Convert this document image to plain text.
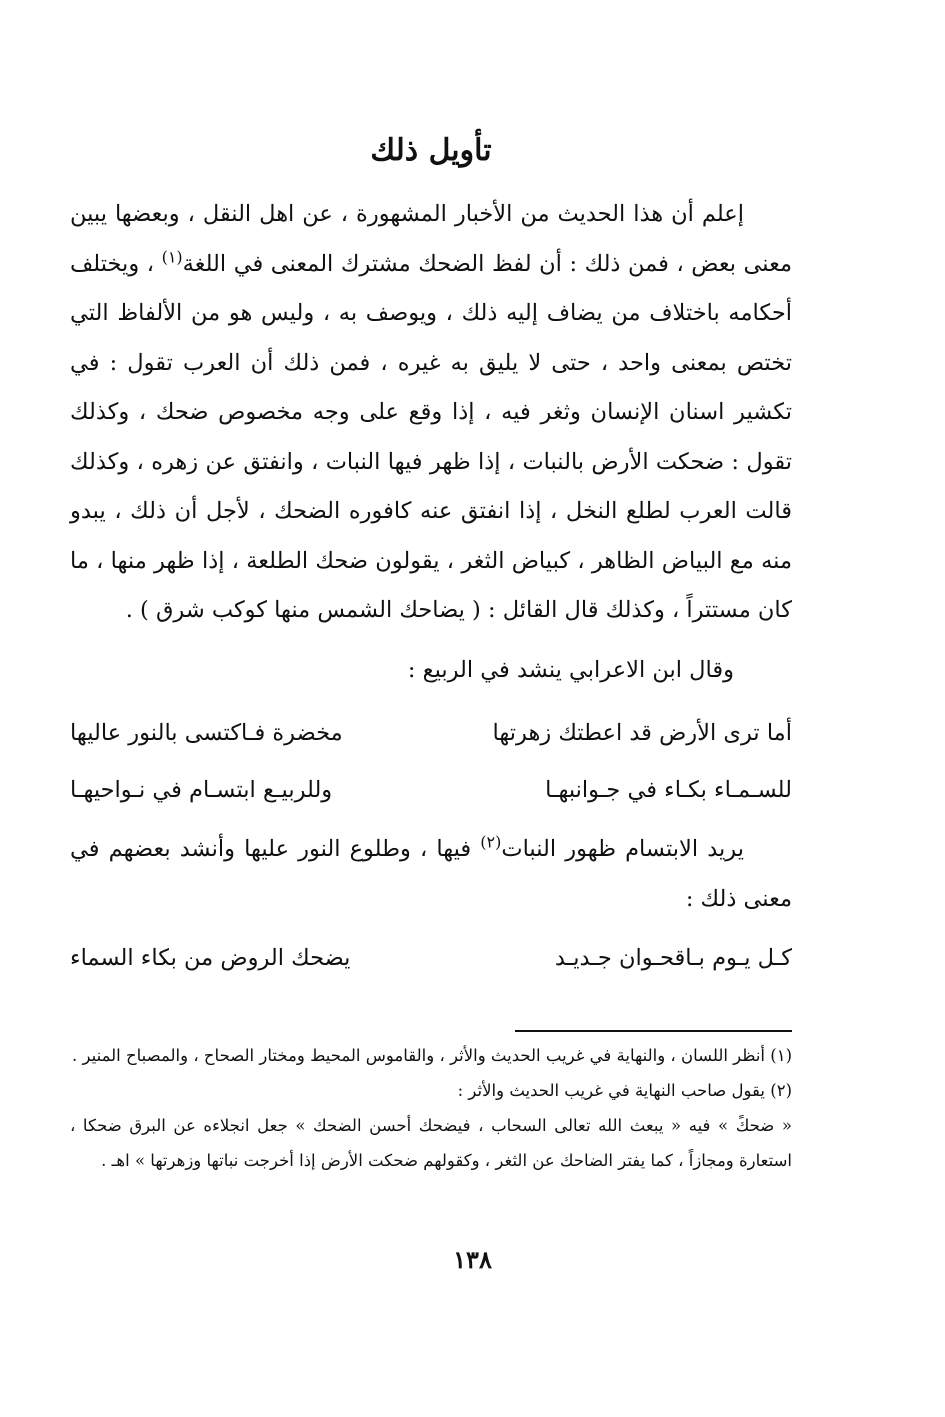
تأويل ذلك

إعلم أن هذا الحديث من الأخبار المشهورة ، عن اهل النقل ، وبعضها يبين معنى بعض ، فمن ذلك : أن لفظ الضحك مشترك المعنى في اللغة$^{(١)}$ ، ويختلف أحكامه باختلاف من يضاف إليه ذلك ، ويوصف به ، وليس هو من الألفاظ التي تختص بمعنى واحد ، حتى لا يليق به غيره ، فمن ذلك أن العرب تقول : في تكشير اسنان الإنسان وثغر فيه ، إذا وقع على وجه مخصوص ضحك ، وكذلك تقول : ضحكت الأرض بالنبات ، إذا ظهر فيها النبات ، وانفتق عن زهره ، وكذلك قالت العرب لطلع النخل ، إذا انفتق عنه كافوره الضحك ، لأجل أن ذلك ، يبدو منه مع البياض الظاهر ، كبياض الثغر ، يقولون ضحك الطلعة ، إذا ظهر منها ، ما كان مستتراً ، وكذلك قال القائل : ( يضاحك الشمس منها كوكب شرق ) .

وقال ابن الاعرابي ينشد في الربيع :

أما ترى الأرض قد اعطتك زهرتها
مخضرة فـاكتسى بالنور عاليها
للسـمـاء بكـاء في جـوانبهـا
وللربيـع ابتسـام في نـواحيهـا

يريد الابتسام ظهور النبات$^{(٢)}$ فيها ، وطلوع النور عليها وأنشد بعضهم في معنى ذلك :

كـل يـوم بـاقحـوان جـديـد
يضحك الروض من بكاء السماء

(١) أنظر اللسان ، والنهاية في غريب الحديث والأثر ، والقاموس المحيط ومختار الصحاح ، والمصباح المنير .

(٢) يقول صاحب النهاية في غريب الحديث والأثر :

« ضحكً » فيه « يبعث الله تعالى السحاب ، فيضحك أحسن الضحك » جعل انجلاءه عن البرق ضحكا ، استعارة ومجازاً ، كما يفتر الضاحك عن الثغر ، وكقولهم ضحكت الأرض إذا أخرجت نباتها وزهرتها » اهـ .

١٣٨
